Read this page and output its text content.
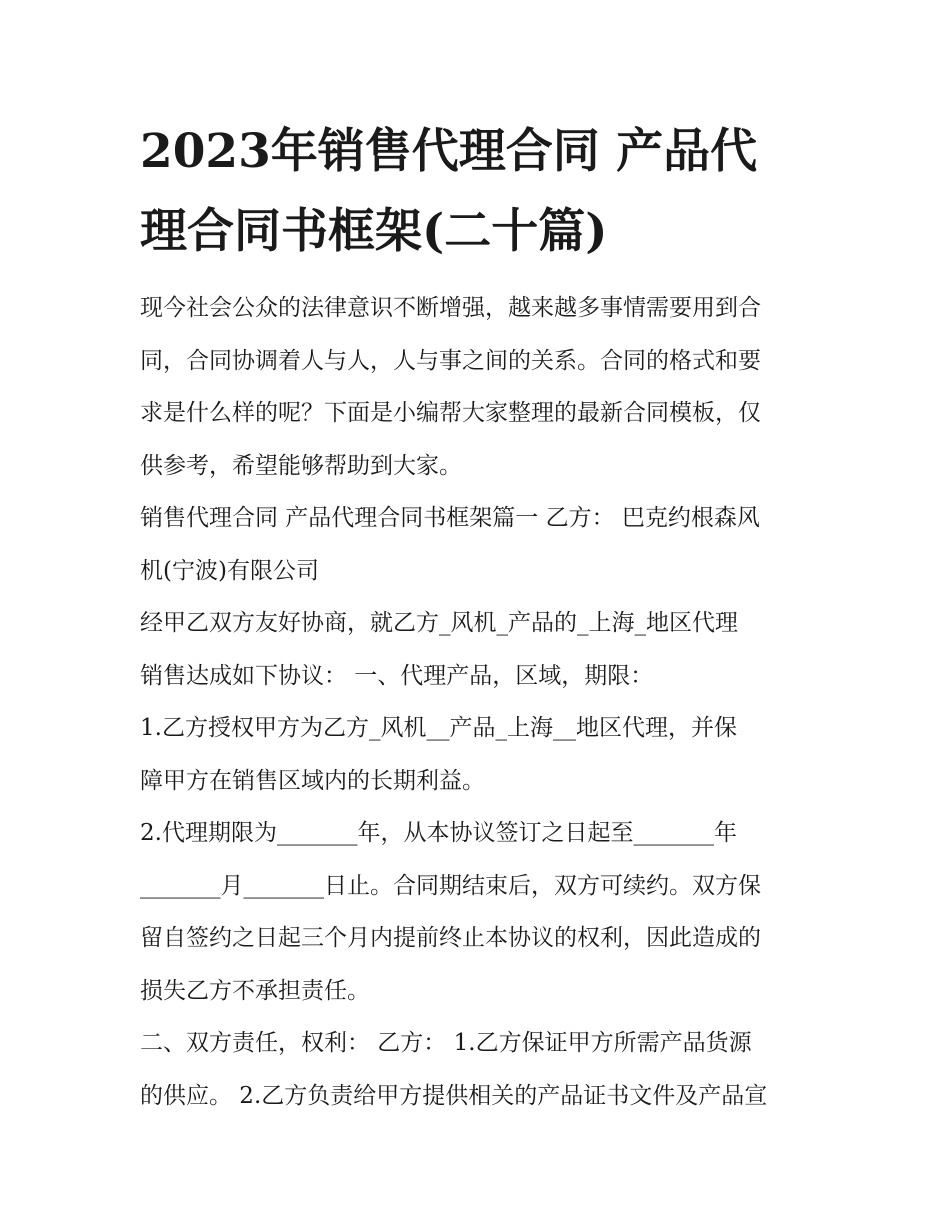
2023年销售代理合同 产品代
理合同书框架(二十篇)

现今社会公众的法律意识不断增强，越来越多事情需要用到合
同，合同协调着人与人，人与事之间的关系。合同的格式和要
求是什么样的呢？下面是小编帮大家整理的最新合同模板，仅
供参考，希望能够帮助到大家。

销售代理合同 产品代理合同书框架篇一 乙方： 巴克约根森风
机(宁波)有限公司

经甲乙双方友好协商，就乙方_风机_产品的_上海_地区代理
销售达成如下协议： 一、代理产品，区域，期限：

1.乙方授权甲方为乙方_风机__产品_上海__地区代理，并保
障甲方在销售区域内的长期利益。

2.代理期限为_______年，从本协议签订之日起至_______年
_______月_______日止。合同期结束后，双方可续约。双方保
留自签约之日起三个月内提前终止本协议的权利，因此造成的
损失乙方不承担责任。

二、双方责任，权利： 乙方： 1.乙方保证甲方所需产品货源
的供应。 2.乙方负责给甲方提供相关的产品证书文件及产品宣
